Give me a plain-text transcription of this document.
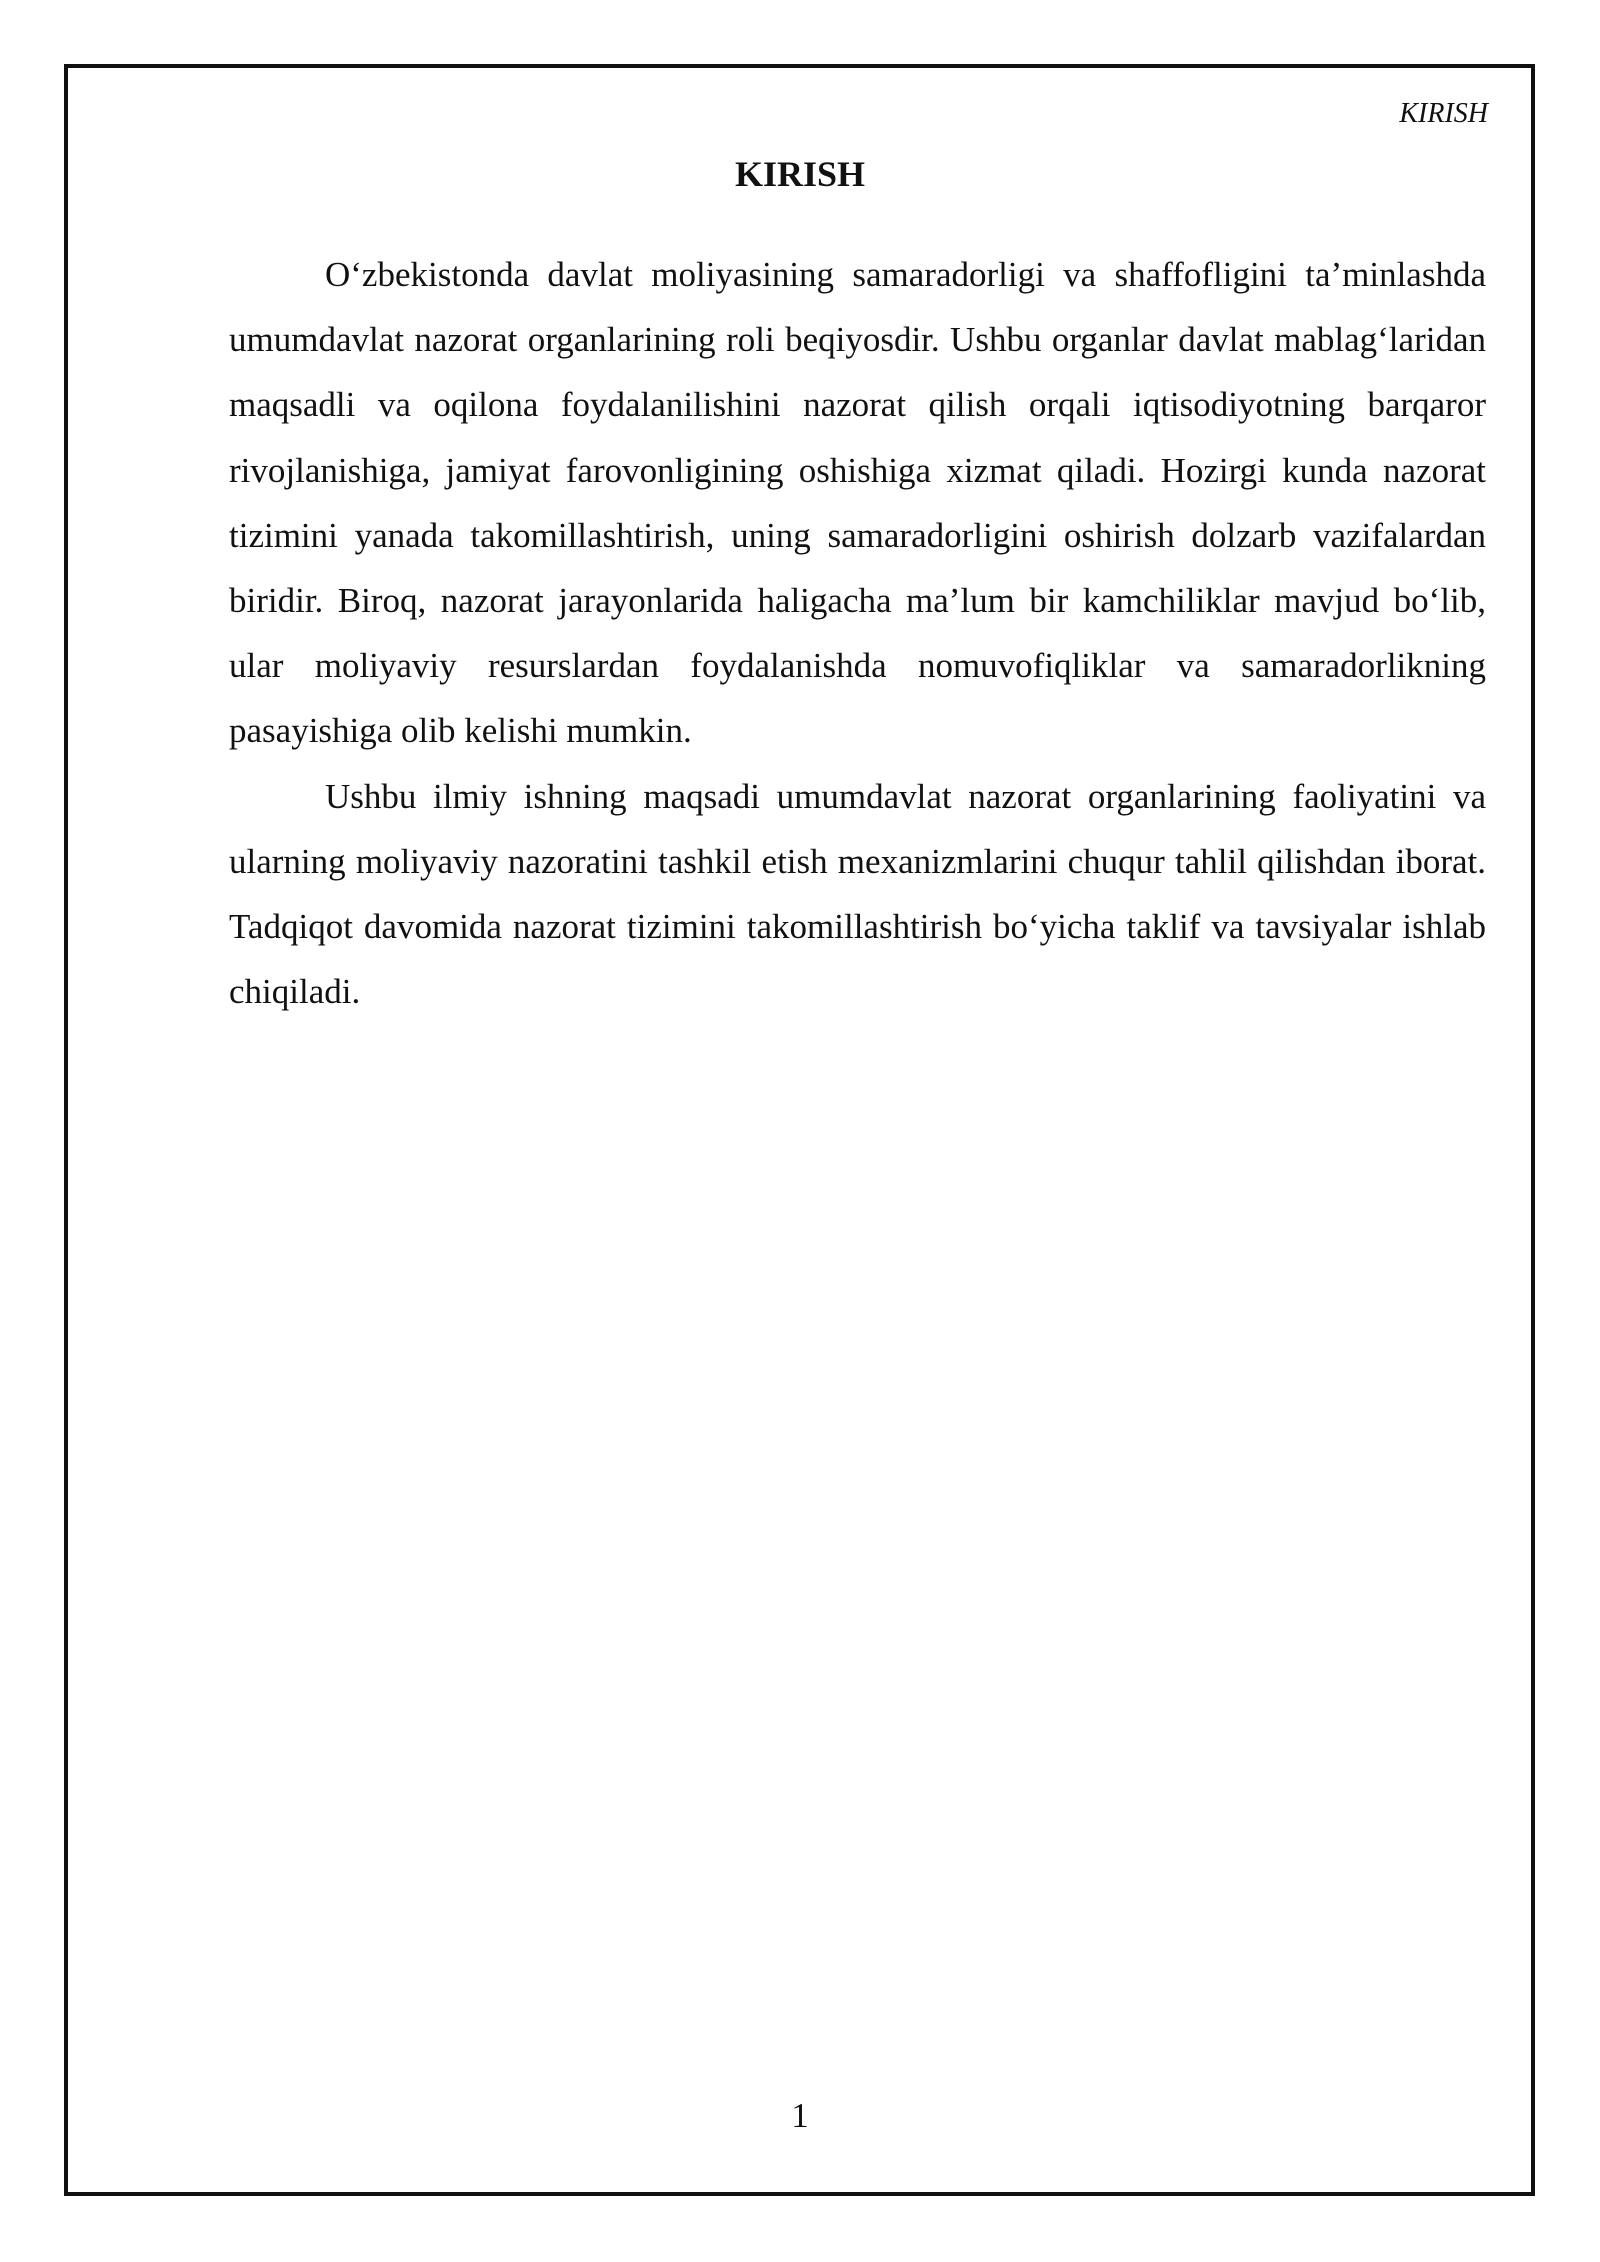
KIRISH
KIRISH

O‘zbekistonda davlat moliyasining samaradorligi va shaffofligini ta’minlashda umumdavlat nazorat organlarining roli beqiyosdir. Ushbu organlar davlat mablag‘laridan maqsadli va oqilona foydalanilishini nazorat qilish orqali iqtisodiyotning barqaror rivojlanishiga, jamiyat farovonligining oshishiga xizmat qiladi. Hozirgi kunda nazorat tizimini yanada takomillashtirish, uning samaradorligini oshirish dolzarb vazifalardan biridir. Biroq, nazorat jarayonlarida haligacha ma’lum bir kamchiliklar mavjud bo‘lib, ular moliyaviy resurslardan foydalanishda nomuvofiqliklar va samaradorlikning pasayishiga olib kelishi mumkin.

Ushbu ilmiy ishning maqsadi umumdavlat nazorat organlarining faoliyatini va ularning moliyaviy nazoratini tashkil etish mexanizmlarini chuqur tahlil qilishdan iborat. Tadqiqot davomida nazorat tizimini takomillashtirish bo‘yicha taklif va tavsiyalar ishlab chiqiladi.

1
